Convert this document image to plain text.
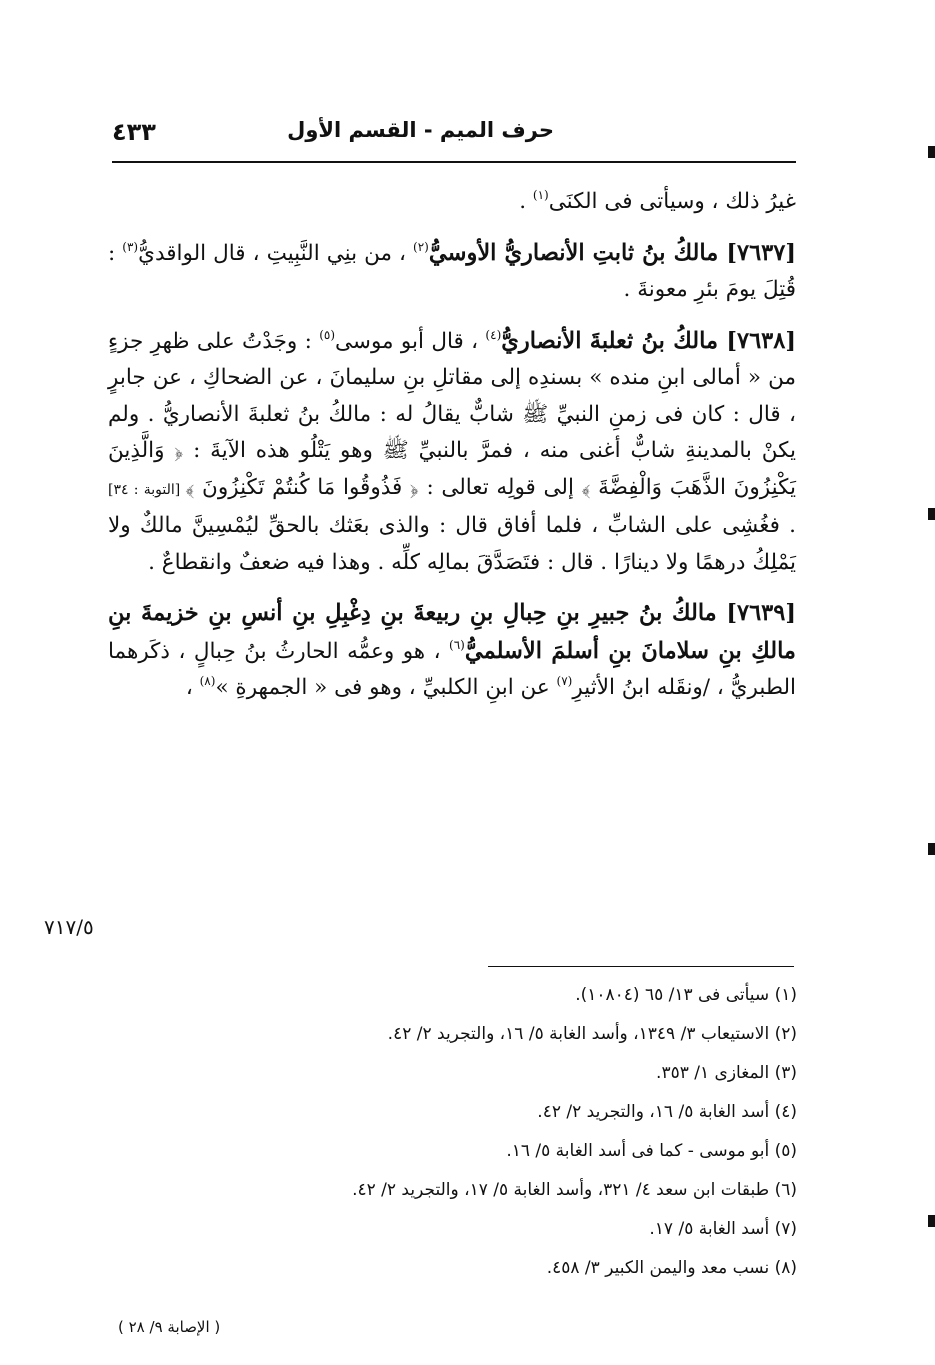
٤٣٣	حرف الميم - القسم الأول

غيرُ ذلك ، وسيأتى فى الكنَى$^{(١)}$ .

[٧٦٣٧] مالكُ بنُ ثابتِ الأنصاريُّ الأوسيُّ$^{(٢)}$ ، من بنِي النَّبِيتِ ، قال الواقديُّ$^{(٣)}$ : قُتِلَ يومَ بئرِ معونةَ .

[٧٦٣٨] مالكُ بنُ ثعلبةَ الأنصاريُّ$^{(٤)}$ ، قال أبو موسى$^{(٥)}$ : وجَدْتُ على ظهرِ جزءٍ من « أمالى ابنِ منده » بسندِه إلى مقاتلِ بنِ سليمانَ ، عن الضحاكِ ، عن جابرٍ ، قال : كان فى زمنِ النبيِّ ﷺ شابٌّ يقالُ له : مالكُ بنُ ثعلبةَ الأنصاريُّ . ولم يكنْ بالمدينةِ شابٌّ أغنى منه ، فمرَّ بالنبيِّ ﷺ وهو يَتْلُو هذه الآيةَ : ﴿ وَالَّذِينَ يَكْنِزُونَ الذَّهَبَ وَالْفِضَّةَ ﴾ إلى قولِه تعالى : ﴿ فَذُوقُوا مَا كُنتُمْ تَكْنِزُونَ ﴾ [التوبة : ٣٤] . فغُشِى على الشابِّ ، فلما أفاق قال : والذى بعَثك بالحقِّ ليُمْسِينَّ مالكٌ ولا يَمْلِكُ درهمًا ولا دينارًا . قال : فتَصَدَّقَ بمالِه كلِّه . وهذا فيه ضعفٌ وانقطاعٌ .

[٧٦٣٩] مالكُ بنُ جبيرِ بنِ حِبالِ بنِ ربيعةَ بنِ دِغْبِلِ بنِ أنسِ بنِ خزيمةَ بنِ مالكِ بنِ سلامانَ بنِ أسلمَ الأسلميُّ$^{(٦)}$ ، هو وعمُّه الحارثُ بنُ حِبالٍ ، ذكَرهما الطبريُّ ، /ونقَله ابنُ الأثيرِ$^{(٧)}$ عن ابنِ الكلبيِّ ، وهو فى « الجمهرةِ »$^{(٨)}$ ،

٧١٧/٥
(١) سيأتى فى ١٣/ ٦٥ (١٠٨٠٤).
(٢) الاستيعاب ٣/ ١٣٤٩، وأسد الغابة ٥/ ١٦، والتجريد ٢/ ٤٢.
(٣) المغازى ١/ ٣٥٣.
(٤) أسد الغابة ٥/ ١٦، والتجريد ٢/ ٤٢.
(٥) أبو موسى - كما فى أسد الغابة ٥/ ١٦.
(٦) طبقات ابن سعد ٤/ ٣٢١، وأسد الغابة ٥/ ١٧، والتجريد ٢/ ٤٢.
(٧) أسد الغابة ٥/ ١٧.
(٨) نسب معد واليمن الكبير ٣/ ٤٥٨.
( الإصابة ٩/ ٢٨ )
